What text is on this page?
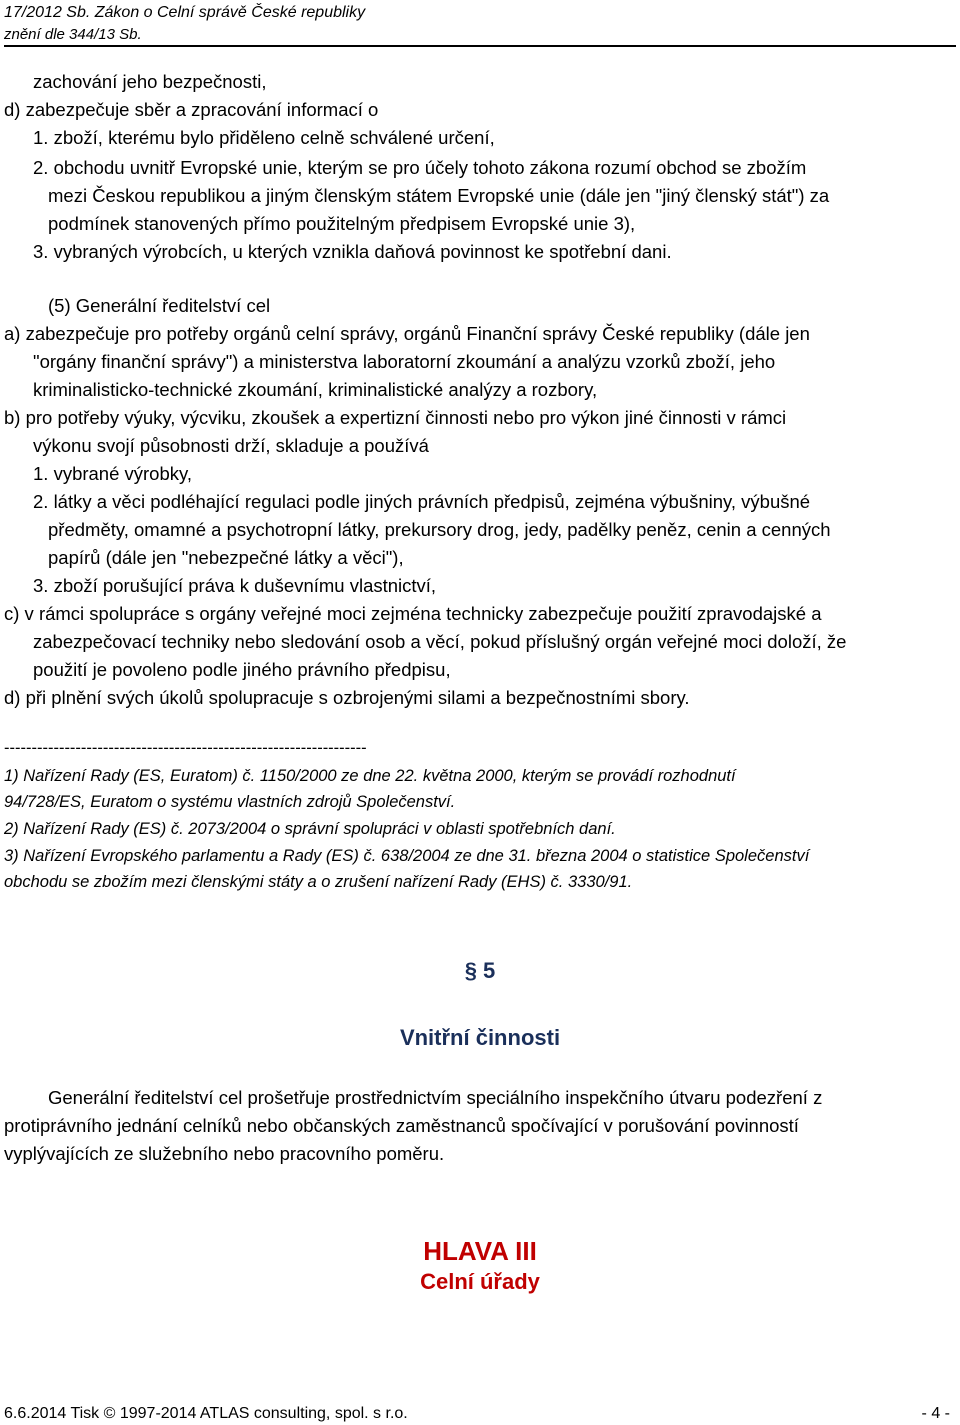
17/2012 Sb. Zákon o Celní správě České republiky
znění dle 344/13 Sb.
zachování jeho bezpečnosti,
d) zabezpečuje sběr a zpracování informací o
1. zboží, kterému bylo přiděleno celně schválené určení,
2. obchodu uvnitř Evropské unie, kterým se pro účely tohoto zákona rozumí obchod se zbožím
mezi Českou republikou a jiným členským státem Evropské unie (dále jen "jiný členský stát") za
podmínek stanovených přímo použitelným předpisem Evropské unie 3),
3. vybraných výrobcích, u kterých vznikla daňová povinnost ke spotřební dani.
(5) Generální ředitelství cel
a) zabezpečuje pro potřeby orgánů celní správy, orgánů Finanční správy České republiky (dále jen
"orgány finanční správy") a ministerstva laboratorní zkoumání a analýzu vzorků zboží, jeho
kriminalisticko-technické zkoumání, kriminalistické analýzy a rozbory,
b) pro potřeby výuky, výcviku, zkoušek a expertizní činnosti nebo pro výkon jiné činnosti v rámci
výkonu svojí působnosti drží, skladuje a používá
1. vybrané výrobky,
2. látky a věci podléhající regulaci podle jiných právních předpisů, zejména výbušniny, výbušné
předměty, omamné a psychotropní látky, prekursory drog, jedy, padělky peněz, cenin a cenných
papírů (dále jen "nebezpečné látky a věci"),
3. zboží porušující práva k duševnímu vlastnictví,
c) v rámci spolupráce s orgány veřejné moci zejména technicky zabezpečuje použití zpravodajské a
zabezpečovací techniky nebo sledování osob a věcí, pokud příslušný orgán veřejné moci doloží, že
použití je povoleno podle jiného právního předpisu,
d) při plnění svých úkolů spolupracuje s ozbrojenými silami a bezpečnostními sbory.
------------------------------------------------------------------
1) Nařízení Rady (ES, Euratom) č. 1150/2000 ze dne 22. května 2000, kterým se provádí rozhodnutí
94/728/ES, Euratom o systému vlastních zdrojů Společenství.
2) Nařízení Rady (ES) č. 2073/2004 o správní spolupráci v oblasti spotřebních daní.
3) Nařízení Evropského parlamentu a Rady (ES) č. 638/2004 ze dne 31. března 2004 o statistice Společenství
obchodu se zbožím mezi členskými státy a o zrušení nařízení Rady (EHS) č. 3330/91.
§ 5
Vnitřní činnosti
Generální ředitelství cel prošetřuje prostřednictvím speciálního inspekčního útvaru podezření z
protiprávního jednání celníků nebo občanských zaměstnanců spočívající v porušování povinností
vyplývajících ze služebního nebo pracovního poměru.
HLAVA III
Celní úřady
6.6.2014 Tisk © 1997-2014 ATLAS consulting, spol. s r.o.	- 4 -
